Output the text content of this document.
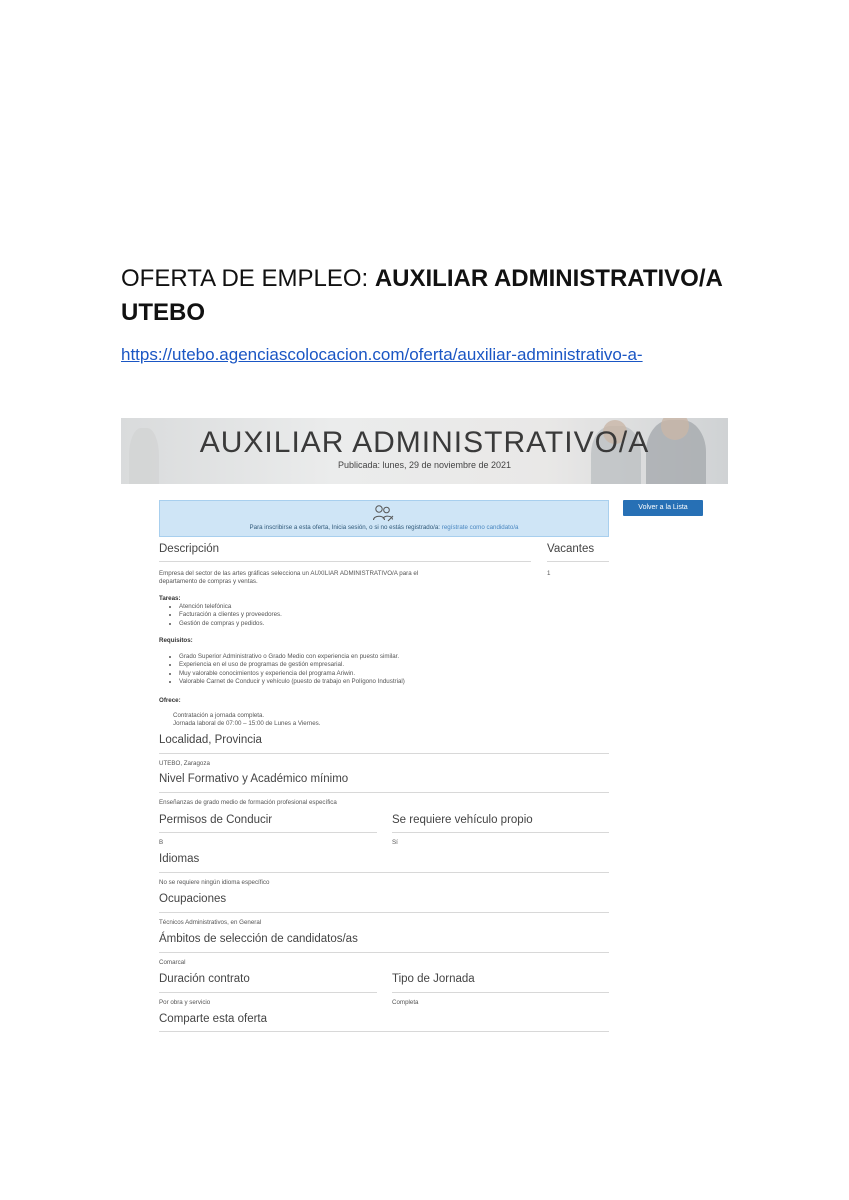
OFERTA DE EMPLEO: AUXILIAR ADMINISTRATIVO/A
UTEBO
https://utebo.agenciascolocacion.com/oferta/auxiliar-administrativo-a-
AUXILIAR ADMINISTRATIVO/A
Publicada: lunes, 29 de noviembre de 2021
Volver a la Lista
Para inscribirse a esta oferta, Inicia sesión, o si no estás registrado/a: regístrate como candidato/a
Descripción	Vacantes
1
Empresa del sector de las artes gráficas selecciona un AUXILIAR ADMINISTRATIVO/A para el
departamento de compras y ventas.
Tareas:
• Atención telefónica
• Facturación a clientes y proveedores.
• Gestión de compras y pedidos.
Requisitos:
• Grado Superior Administrativo o Grado Medio con experiencia en puesto similar.
• Experiencia en el uso de programas de gestión empresarial.
• Muy valorable conocimientos y experiencia del programa Ariwin.
• Valorable Carnet de Conducir y vehículo (puesto de trabajo en Polígono Industrial)
Ofrece:
Contratación a jornada completa.
Jornada laboral de 07:00 – 15:00 de Lunes a Viernes.
Localidad, Provincia
UTEBO, Zaragoza
Nivel Formativo y Académico mínimo
Enseñanzas de grado medio de formación profesional específica
Permisos de Conducir
B
Se requiere vehículo propio
Sí
Idiomas
No se requiere ningún idioma específico
Ocupaciones
Técnicos Administrativos, en General
Ámbitos de selección de candidatos/as
Comarcal
Duración contrato
Por obra y servicio
Tipo de Jornada
Completa
Comparte esta oferta
